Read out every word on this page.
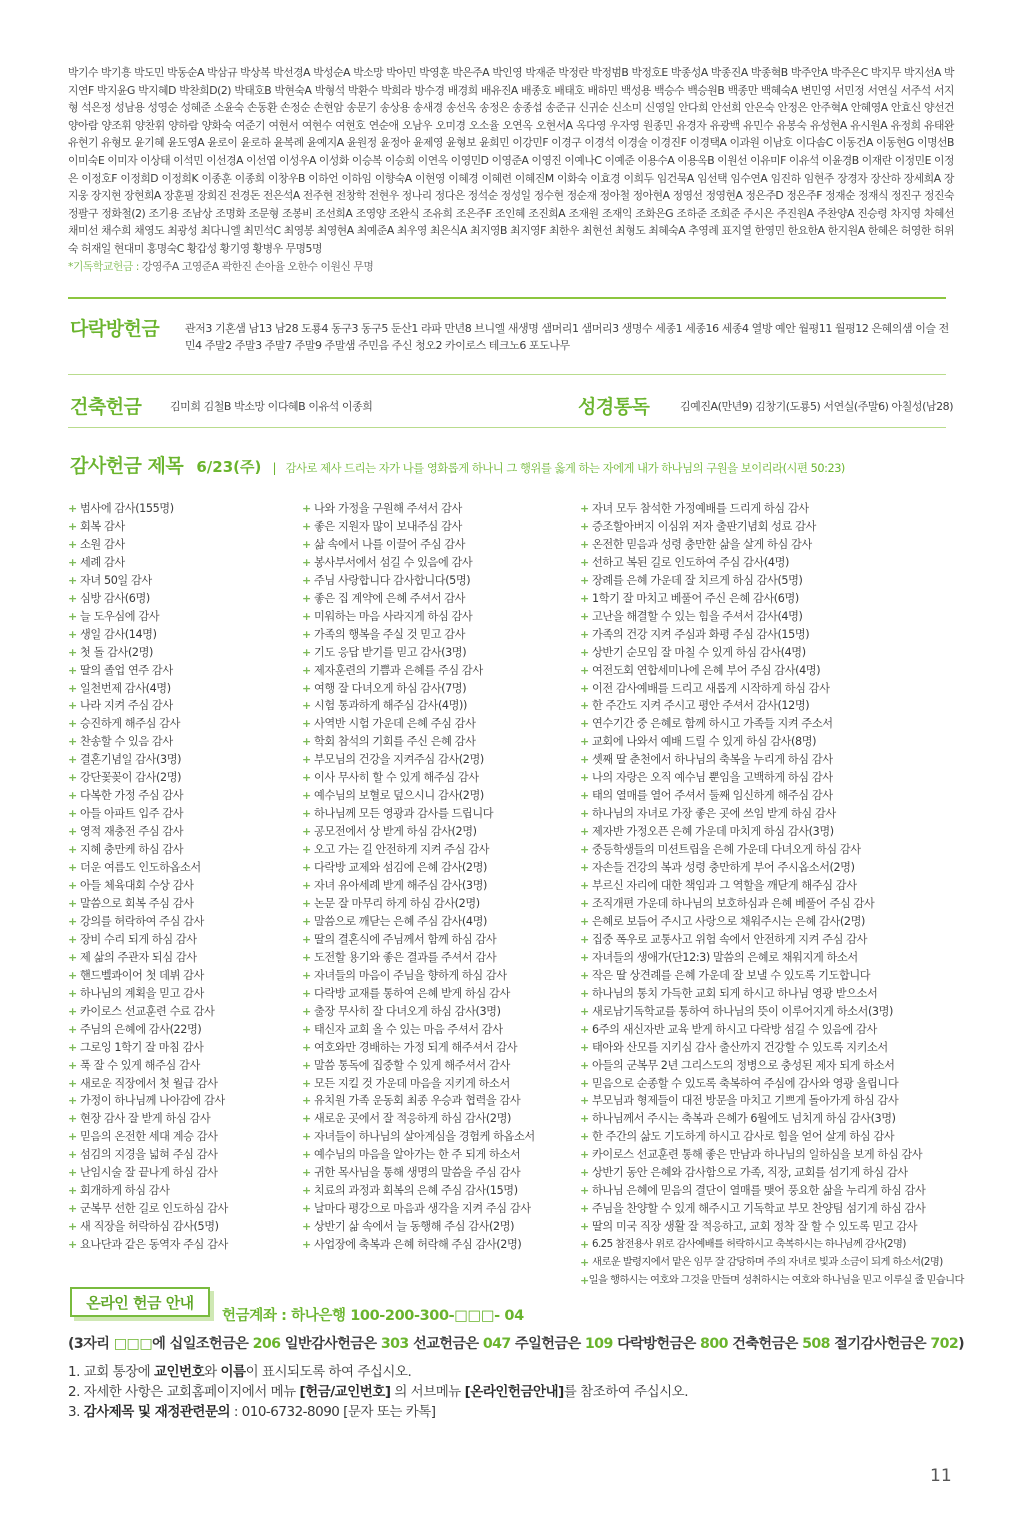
박기수 박기흥 박도민 박동순A 박삼규 박상복 박선경A 박성순A 박소망 박아민 박영훈 박은주A 박인영 박재준 박정란 박정범B 박정호E 박종성A 박종진A 박종혁B 박주안A 박주은C 박지무 박지선A 박지연F 박지윤G 박지혜D 박찬희D(2) 박태호B 박현숙A 박형석 박환수 박희라 방수경 배경희 배유진A 배종호 배태호 배하민 백성용 백승수 백승원B 백종만 백혜숙A 변민영 서민정 서연실 서주석 서지형 석은정 성남용 성영순 성혜준 소윤숙 손동환 손정순 손현암 송문기 송상용 송새경 송선옥 송정은 송종섭 송준규 신귀순 신소미 신영일 안다희 안선희 안은숙 안정은 안주혁A 안혜영A 안효신 양선건 양아람 양조휘 양찬휘 양하람 양화숙 여준기 여현서 여현수 여현호 연순애 오남우 오미경 오소율 오연옥 오현서A 옥다영 우자영 원종민 유경자 유광백 유민수 유봉숙 유성현A 유시원A 유정희 유태완 유현기 유형모 윤기혜 윤도영A 윤로이 윤로하 윤복례 윤예지A 윤원정 윤정아 윤제영 윤형보 윤희민 이강민F 이경구 이경석 이경술 이경진F 이경택A 이과원 이남호 이다솜C 이동건A 이동현G 이명선B 이미숙E 이미자 이상태 이석민 이선경A 이선엽 이성우A 이성화 이승복 이승희 이연옥 이영민D 이영준A 이영진 이예나C 이예준 이용수A 이용옥B 이원선 이유미F 이유석 이윤경B 이재란 이정민E 이정은 이정호F 이정희D 이정희K 이종훈 이종희 이창우B 이하언 이하임 이향숙A 이현영 이혜경 이혜련 이혜진M 이화숙 이효경 이희두 임건묵A 임선택 임수연A 임진하 임현주 장경자 장산하 장세희A 장지웅 장지현 장현희A 장훈필 장희진 전경돈 전은석A 전주현 전창학 전현우 정나리 정다은 정석순 정성일 정수현 정순재 정아철 정아현A 정영선 정영현A 정은주D 정은주F 정재순 정재식 정진구 정진숙 정팔구 정화철(2) 조기용 조남상 조명화 조문형 조봉비 조선희A 조영양 조완식 조유희 조은주F 조인혜 조진희A 조재원 조재익 조화은G 조하준 조희준 주시은 주진원A 주찬양A 진승령 차지영 차혜선 채미선 채수희 채영도 최광성 최다니엘 최민석C 최영봉 최영현A 최예준A 최우영 최은식A 최지영B 최지영F 최한우 최현선 최형도 최혜숙A 추영례 표지열 한영민 한요한A 한지원A 한혜은 허영한 허위숙 허재일 현대미 홍명숙C 황갑성 황기영 황병우 무명5명
*기독학교헌금 : 강영주A 고영준A 곽한진 손아율 오한수 이원신 무명
다락방헌금 관저3 기혼샘 남13 남28 도룡4 동구3 동구5 둔산1 라파 만년8 브니엘 새생명 샘머리1 샘머리3 생명수 세종1 세종16 세종4 열방 예안 월평11 월평12 은혜의샘 이슬 전민4 주말2 주말3 주말7 주말9 주말샘 주민음 주신 청오2 카이로스 테크노6 포도나무
건축헌금	김미희 김철B 박소망 이다혜B 이유석 이종희	성경통독	김예진A(만년9) 김창기(도룡5) 서연실(주말6) 아칠성(남28)
감사헌금 제목 6/23(주) | 감사로 제사 드리는 자가 나를 영화롭게 하나니 그 행위를 옳게 하는 자에게 내가 하나님의 구원을 보이리라(시편 50:23)
+ 범사에 감사(155명)
+ 회복 감사
+ 소원 감사
+ 세례 감사
+ 자녀 50일 감사
+ 심방 감사(6명)
+ 늘 도우심에 감사
+ 생일 감사(14명)
+ 첫 돌 감사(2명)
+ 딸의 졸업 연주 감사
+ 일천번제 감사(4명)
+ 나라 지켜 주심 감사
+ 승진하게 해주심 감사
+ 찬송할 수 있음 감사
+ 결혼기념일 감사(3명)
+ 강단꽃꽂이 감사(2명)
+ 다복한 가정 주심 감사
+ 아들 아파트 입주 감사
+ 영적 재충전 주심 감사
+ 지혜 충만케 하심 감사
+ 더운 여름도 인도하옵소서
+ 아들 체육대회 수상 감사
+ 말씀으로 회복 주심 감사
+ 강의를 허락하여 주심 감사
+ 장비 수리 되게 하심 감사
+ 제 삶의 주관자 되심 감사
+ 핸드벨콰이어 첫 데뷔 감사
+ 하나님의 계획을 믿고 감사
+ 카이로스 선교훈련 수료 감사
+ 주님의 은혜에 감사(22명)
+ 그로잉 1학기 잘 마침 감사
+ 푹 잘 수 있게 해주심 감사
+ 새로운 직장에서 첫 월급 감사
+ 가정이 하나님께 나아감에 감사
+ 현장 감사 잘 받게 하심 감사
+ 믿음의 온전한 세대 계승 감사
+ 섬김의 지경을 넓혀 주심 감사
+ 난임시술 잘 끝나게 하심 감사
+ 회개하게 하심 감사
+ 군복무 선한 길로 인도하심 감사
+ 새 직장을 허락하심 감사(5명)
+ 요나단과 같은 동역자 주심 감사
+ 나와 가정을 구원해 주셔서 감사
+ 좋은 지원자 많이 보내주심 감사
+ 삶 속에서 나를 이끌어 주심 감사
+ 봉사부서에서 섬길 수 있음에 감사
+ 주님 사랑합니다 감사합니다(5명)
+ 좋은 집 계약에 은혜 주셔서 감사
+ 미워하는 마음 사라지게 하심 감사
+ 가족의 행복을 주실 것 믿고 감사
+ 기도 응답 받기를 믿고 감사(3명)
+ 제자훈련의 기쁨과 은혜를 주심 감사
+ 여행 잘 다녀오게 하심 감사(7명)
+ 시험 통과하게 해주심 감사(4명))
+ 사역반 시험 가운데 은혜 주심 감사
+ 학회 참석의 기회를 주신 은혜 감사
+ 부모님의 건강을 지켜주심 감사(2명)
+ 이사 무사히 할 수 있게 해주심 감사
+ 예수님의 보혈로 덮으시니 감사(2명)
+ 하나님께 모든 영광과 감사를 드립니다
+ 공모전에서 상 받게 하심 감사(2명)
+ 오고 가는 길 안전하게 지켜 주심 감사
+ 다락방 교제와 섬김에 은혜 감사(2명)
+ 자녀 유아세례 받게 해주심 감사(3명)
+ 논문 잘 마무리 하게 하심 감사(2명)
+ 말씀으로 깨닫는 은혜 주심 감사(4명)
+ 딸의 결혼식에 주님께서 함께 하심 감사
+ 도전할 용기와 좋은 결과를 주셔서 감사
+ 자녀들의 마음이 주님을 향하게 하심 감사
+ 다락방 교재를 통하여 은혜 받게 하심 감사
+ 출장 무사히 잘 다녀오게 하심 감사(3명)
+ 태신자 교회 올 수 있는 마음 주셔서 감사
+ 여호와만 경배하는 가정 되게 해주셔서 감사
+ 말씀 통독에 집중할 수 있게 해주셔서 감사
+ 모든 지킬 것 가운데 마음을 지키게 하소서
+ 유치원 가족 운동회 최종 우승과 협력을 감사
+ 새로운 곳에서 잘 적응하게 하심 감사(2명)
+ 자녀들이 하나님의 살아계심을 경험케 하옵소서
+ 예수님의 마음을 알아가는 한 주 되게 하소서
+ 귀한 목사님을 통해 생명의 말씀을 주심 감사
+ 치료의 과정과 회복의 은혜 주심 감사(15명)
+ 날마다 평강으로 마음과 생각을 지켜 주심 감사
+ 상반기 삶 속에서 늘 동행해 주심 감사(2명)
+ 사업장에 축복과 은혜 허락해 주심 감사(2명)
+ 자녀 모두 참석한 가정예배를 드리게 하심 감사
+ 증조할아버지 이심위 저자 출판기념회 성료 감사
+ 온전한 믿음과 성령 충만한 삶을 살게 하심 감사
+ 선하고 복된 길로 인도하여 주심 감사(4명)
+ 장례를 은혜 가운데 잘 치르게 하심 감사(5명)
+ 1학기 잘 마치고 베풀어 주신 은혜 감사(6명)
+ 고난을 해결할 수 있는 힘을 주셔서 감사(4명)
+ 가족의 건강 지켜 주심과 화평 주심 감사(15명)
+ 상반기 순모임 잘 마칠 수 있게 하심 감사(4명)
+ 여전도회 연합세미나에 은혜 부어 주심 감사(4명)
+ 이전 감사예배를 드리고 새롭게 시작하게 하심 감사
+ 한 주간도 지켜 주시고 평안 주셔서 감사(12명)
+ 연수기간 중 은혜로 함께 하시고 가족들 지켜 주소서
+ 교회에 나와서 예배 드릴 수 있게 하심 감사(8명)
+ 셋째 딸 춘천에서 하나님의 축복을 누리게 하심 감사
+ 나의 자랑은 오직 예수님 뿐임을 고백하게 하심 감사
+ 태의 열매를 열어 주셔서 둘째 임신하게 해주심 감사
+ 하나님의 자녀로 가장 좋은 곳에 쓰임 받게 하심 감사
+ 제자반 가정오픈 은혜 가운데 마치게 하심 감사(3명)
+ 중등학생들의 미션트립을 은혜 가운데 다녀오게 하심 감사
+ 자손들 건강의 복과 성령 충만하게 부어 주시옵소서(2명)
+ 부르신 자리에 대한 책임과 그 역할을 깨닫게 해주심 감사
+ 조직개편 가운데 하나님의 보호하심과 은혜 베풀어 주심 감사
+ 은혜로 보듬어 주시고 사랑으로 채워주시는 은혜 감사(2명)
+ 집중 폭우로 교통사고 위험 속에서 안전하게 지켜 주심 감사
+ 자녀들의 생애가(단12:3) 말씀의 은혜로 채워지게 하소서
+ 작은 딸 상견례를 은혜 가운데 잘 보낼 수 있도록 기도합니다
+ 하나님의 통치 가득한 교회 되게 하시고 하나님 영광 받으소서
+ 새로남기독학교를 통하여 하나님의 뜻이 이루어지게 하소서(3명)
+ 6주의 새신자반 교육 받게 하시고 다락방 섬길 수 있음에 감사
+ 태아와 산모를 지키심 감사 출산까지 건강할 수 있도록 지키소서
+ 아들의 군복무 2년 그리스도의 정병으로 충성된 제자 되게 하소서
+ 믿음으로 순종할 수 있도록 축복하여 주심에 감사와 영광 올립니다
+ 부모님과 형제들이 대전 방문을 마치고 기쁘게 돌아가게 하심 감사
+ 하나님께서 주시는 축복과 은혜가 6월에도 넘치게 하심 감사(3명)
+ 한 주간의 삶도 기도하게 하시고 감사로 힘을 얻어 살게 하심 감사
+ 카이로스 선교훈련 통해 좋은 만남과 하나님의 일하심을 보게 하심 감사
+ 상반기 동안 은혜와 감사함으로 가족, 직장, 교회를 섬기게 하심 감사
+ 하나님 은혜에 믿음의 결단이 열매를 맺어 풍요한 삶을 누리게 하심 감사
+ 주님을 찬양할 수 있게 해주시고 기독학교 부모 찬양팀 섬기게 하심 감사
+ 딸의 미국 직장 생활 잘 적응하고, 교회 정착 잘 할 수 있도록 믿고 감사
+ 6.25 참전용사 위로 감사예배를 허락하시고 축복하시는 하나님께 감사(2명)
+ 새로운 발령지에서 맡은 임무 잘 감당하며 주의 자녀로 빛과 소금이 되게 하소서(2명)
+ 일을 행하시는 여호와 그것을 만들며 성취하시는 여호와 하나님을 믿고 이루실 줄 믿습니다
온라인 헌금 안내
헌금계좌 : 하나은행 100-200-300-□□□- 04
(3자리 □□□에 십일조헌금은 206 일반감사헌금은 303 선교헌금은 047 주일헌금은 109 다락방헌금은 800 건축헌금은 508 절기감사헌금은 702)
1. 교회 통장에 교인번호와 이름이 표시되도록 하여 주십시오.
2. 자세한 사항은 교회홈페이지에서 메뉴 [헌금/교인번호] 의 서브메뉴 [온라인헌금안내]를 참조하여 주십시오.
3. 감사제목 및 재정관련문의 : 010-6732-8090 [문자 또는 카톡]
11
